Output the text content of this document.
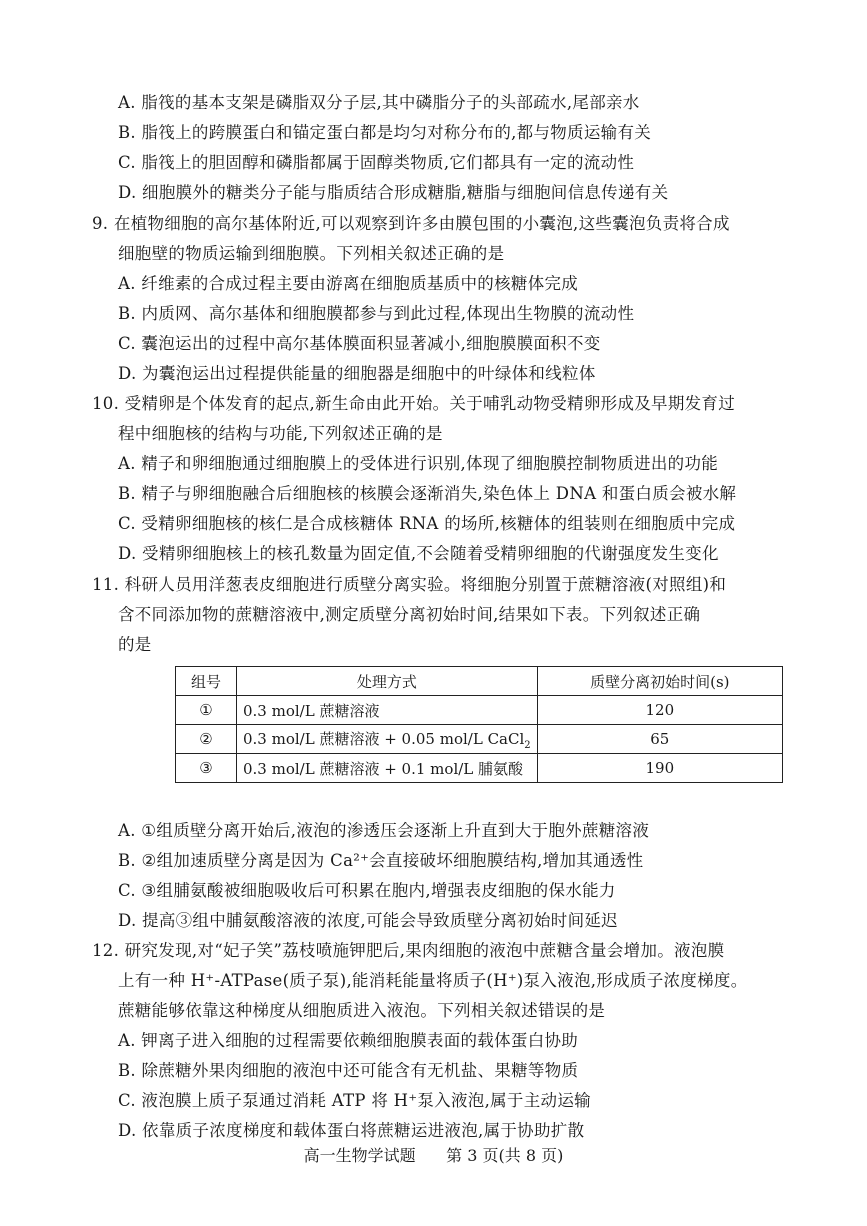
A. 脂筏的基本支架是磷脂双分子层,其中磷脂分子的头部疏水,尾部亲水
B. 脂筏上的跨膜蛋白和锚定蛋白都是均匀对称分布的,都与物质运输有关
C. 脂筏上的胆固醇和磷脂都属于固醇类物质,它们都具有一定的流动性
D. 细胞膜外的糖类分子能与脂质结合形成糖脂,糖脂与细胞间信息传递有关
9. 在植物细胞的高尔基体附近,可以观察到许多由膜包围的小囊泡,这些囊泡负责将合成
细胞壁的物质运输到细胞膜。下列相关叙述正确的是
A. 纤维素的合成过程主要由游离在细胞质基质中的核糖体完成
B. 内质网、高尔基体和细胞膜都参与到此过程,体现出生物膜的流动性
C. 囊泡运出的过程中高尔基体膜面积显著减小,细胞膜膜面积不变
D. 为囊泡运出过程提供能量的细胞器是细胞中的叶绿体和线粒体
10. 受精卵是个体发育的起点,新生命由此开始。关于哺乳动物受精卵形成及早期发育过
程中细胞核的结构与功能,下列叙述正确的是
A. 精子和卵细胞通过细胞膜上的受体进行识别,体现了细胞膜控制物质进出的功能
B. 精子与卵细胞融合后细胞核的核膜会逐渐消失,染色体上 DNA 和蛋白质会被水解
C. 受精卵细胞核的核仁是合成核糖体 RNA 的场所,核糖体的组装则在细胞质中完成
D. 受精卵细胞核上的核孔数量为固定值,不会随着受精卵细胞的代谢强度发生变化
11. 科研人员用洋葱表皮细胞进行质壁分离实验。将细胞分别置于蔗糖溶液(对照组)和
含不同添加物的蔗糖溶液中,测定质壁分离初始时间,结果如下表。下列叙述正确
的是
组号	处理方式	质壁分离初始时间(s)
①	0.3 mol/L 蔗糖溶液	120
②	0.3 mol/L 蔗糖溶液 + 0.05 mol/L CaCl$_2$	65
③	0.3 mol/L 蔗糖溶液 + 0.1 mol/L 脯氨酸	190
A. ①组质壁分离开始后,液泡的渗透压会逐渐上升直到大于胞外蔗糖溶液
B. ②组加速质壁分离是因为 Ca²⁺会直接破坏细胞膜结构,增加其通透性
C. ③组脯氨酸被细胞吸收后可积累在胞内,增强表皮细胞的保水能力
D. 提高③组中脯氨酸溶液的浓度,可能会导致质壁分离初始时间延迟
12. 研究发现,对“妃子笑”荔枝喷施钾肥后,果肉细胞的液泡中蔗糖含量会增加。液泡膜
上有一种 H⁺-ATPase(质子泵),能消耗能量将质子(H⁺)泵入液泡,形成质子浓度梯度。
蔗糖能够依靠这种梯度从细胞质进入液泡。下列相关叙述错误的是
A. 钾离子进入细胞的过程需要依赖细胞膜表面的载体蛋白协助
B. 除蔗糖外果肉细胞的液泡中还可能含有无机盐、果糖等物质
C. 液泡膜上质子泵通过消耗 ATP 将 H⁺泵入液泡,属于主动运输
D. 依靠质子浓度梯度和载体蛋白将蔗糖运进液泡,属于协助扩散
高一生物学试题 第 3 页(共 8 页)
